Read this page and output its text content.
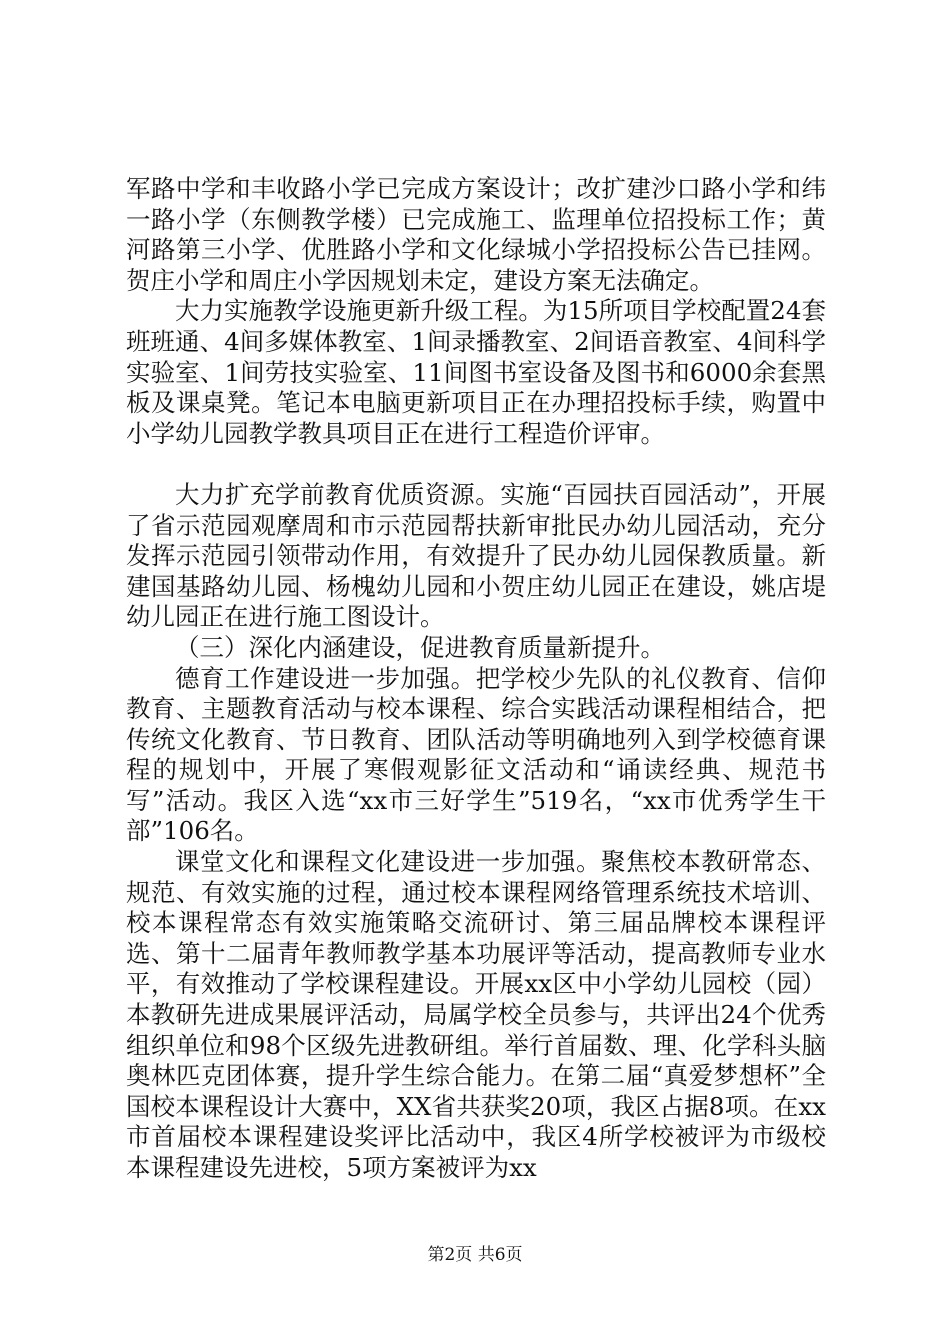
军路中学和丰收路小学已完成方案设计；改扩建沙口路小学和纬一路小学（东侧教学楼）已完成施工、监理单位招投标工作；黄河路第三小学、优胜路小学和文化绿城小学招投标公告已挂网。贺庄小学和周庄小学因规划未定，建设方案无法确定。

大力实施教学设施更新升级工程。为15所项目学校配置24套班班通、4间多媒体教室、1间录播教室、2间语音教室、4间科学实验室、1间劳技实验室、11间图书室设备及图书和6000余套黑板及课桌凳。笔记本电脑更新项目正在办理招投标手续，购置中小学幼儿园教学教具项目正在进行工程造价评审。

大力扩充学前教育优质资源。实施“百园扶百园活动”，开展了省示范园观摩周和市示范园帮扶新审批民办幼儿园活动，充分发挥示范园引领带动作用，有效提升了民办幼儿园保教质量。新建国基路幼儿园、杨槐幼儿园和小贺庄幼儿园正在建设，姚店堤幼儿园正在进行施工图设计。

（三）深化内涵建设，促进教育质量新提升。

德育工作建设进一步加强。把学校少先队的礼仪教育、信仰教育、主题教育活动与校本课程、综合实践活动课程相结合，把传统文化教育、节日教育、团队活动等明确地列入到学校德育课程的规划中，开展了寒假观影征文活动和“诵读经典、规范书写”活动。我区入选“xx市三好学生”519名，“xx市优秀学生干部”106名。

课堂文化和课程文化建设进一步加强。聚焦校本教研常态、规范、有效实施的过程，通过校本课程网络管理系统技术培训、校本课程常态有效实施策略交流研讨、第三届品牌校本课程评选、第十二届青年教师教学基本功展评等活动，提高教师专业水平，有效推动了学校课程建设。开展xx区中小学幼儿园校（园）本教研先进成果展评活动，局属学校全员参与，共评出24个优秀组织单位和98个区级先进教研组。举行首届数、理、化学科头脑奥林匹克团体赛，提升学生综合能力。在第二届“真爱梦想杯”全国校本课程设计大赛中，XX省共获奖20项，我区占据8项。在xx市首届校本课程建设奖评比活动中，我区4所学校被评为市级校本课程建设先进校，5项方案被评为xx

第2页 共6页
